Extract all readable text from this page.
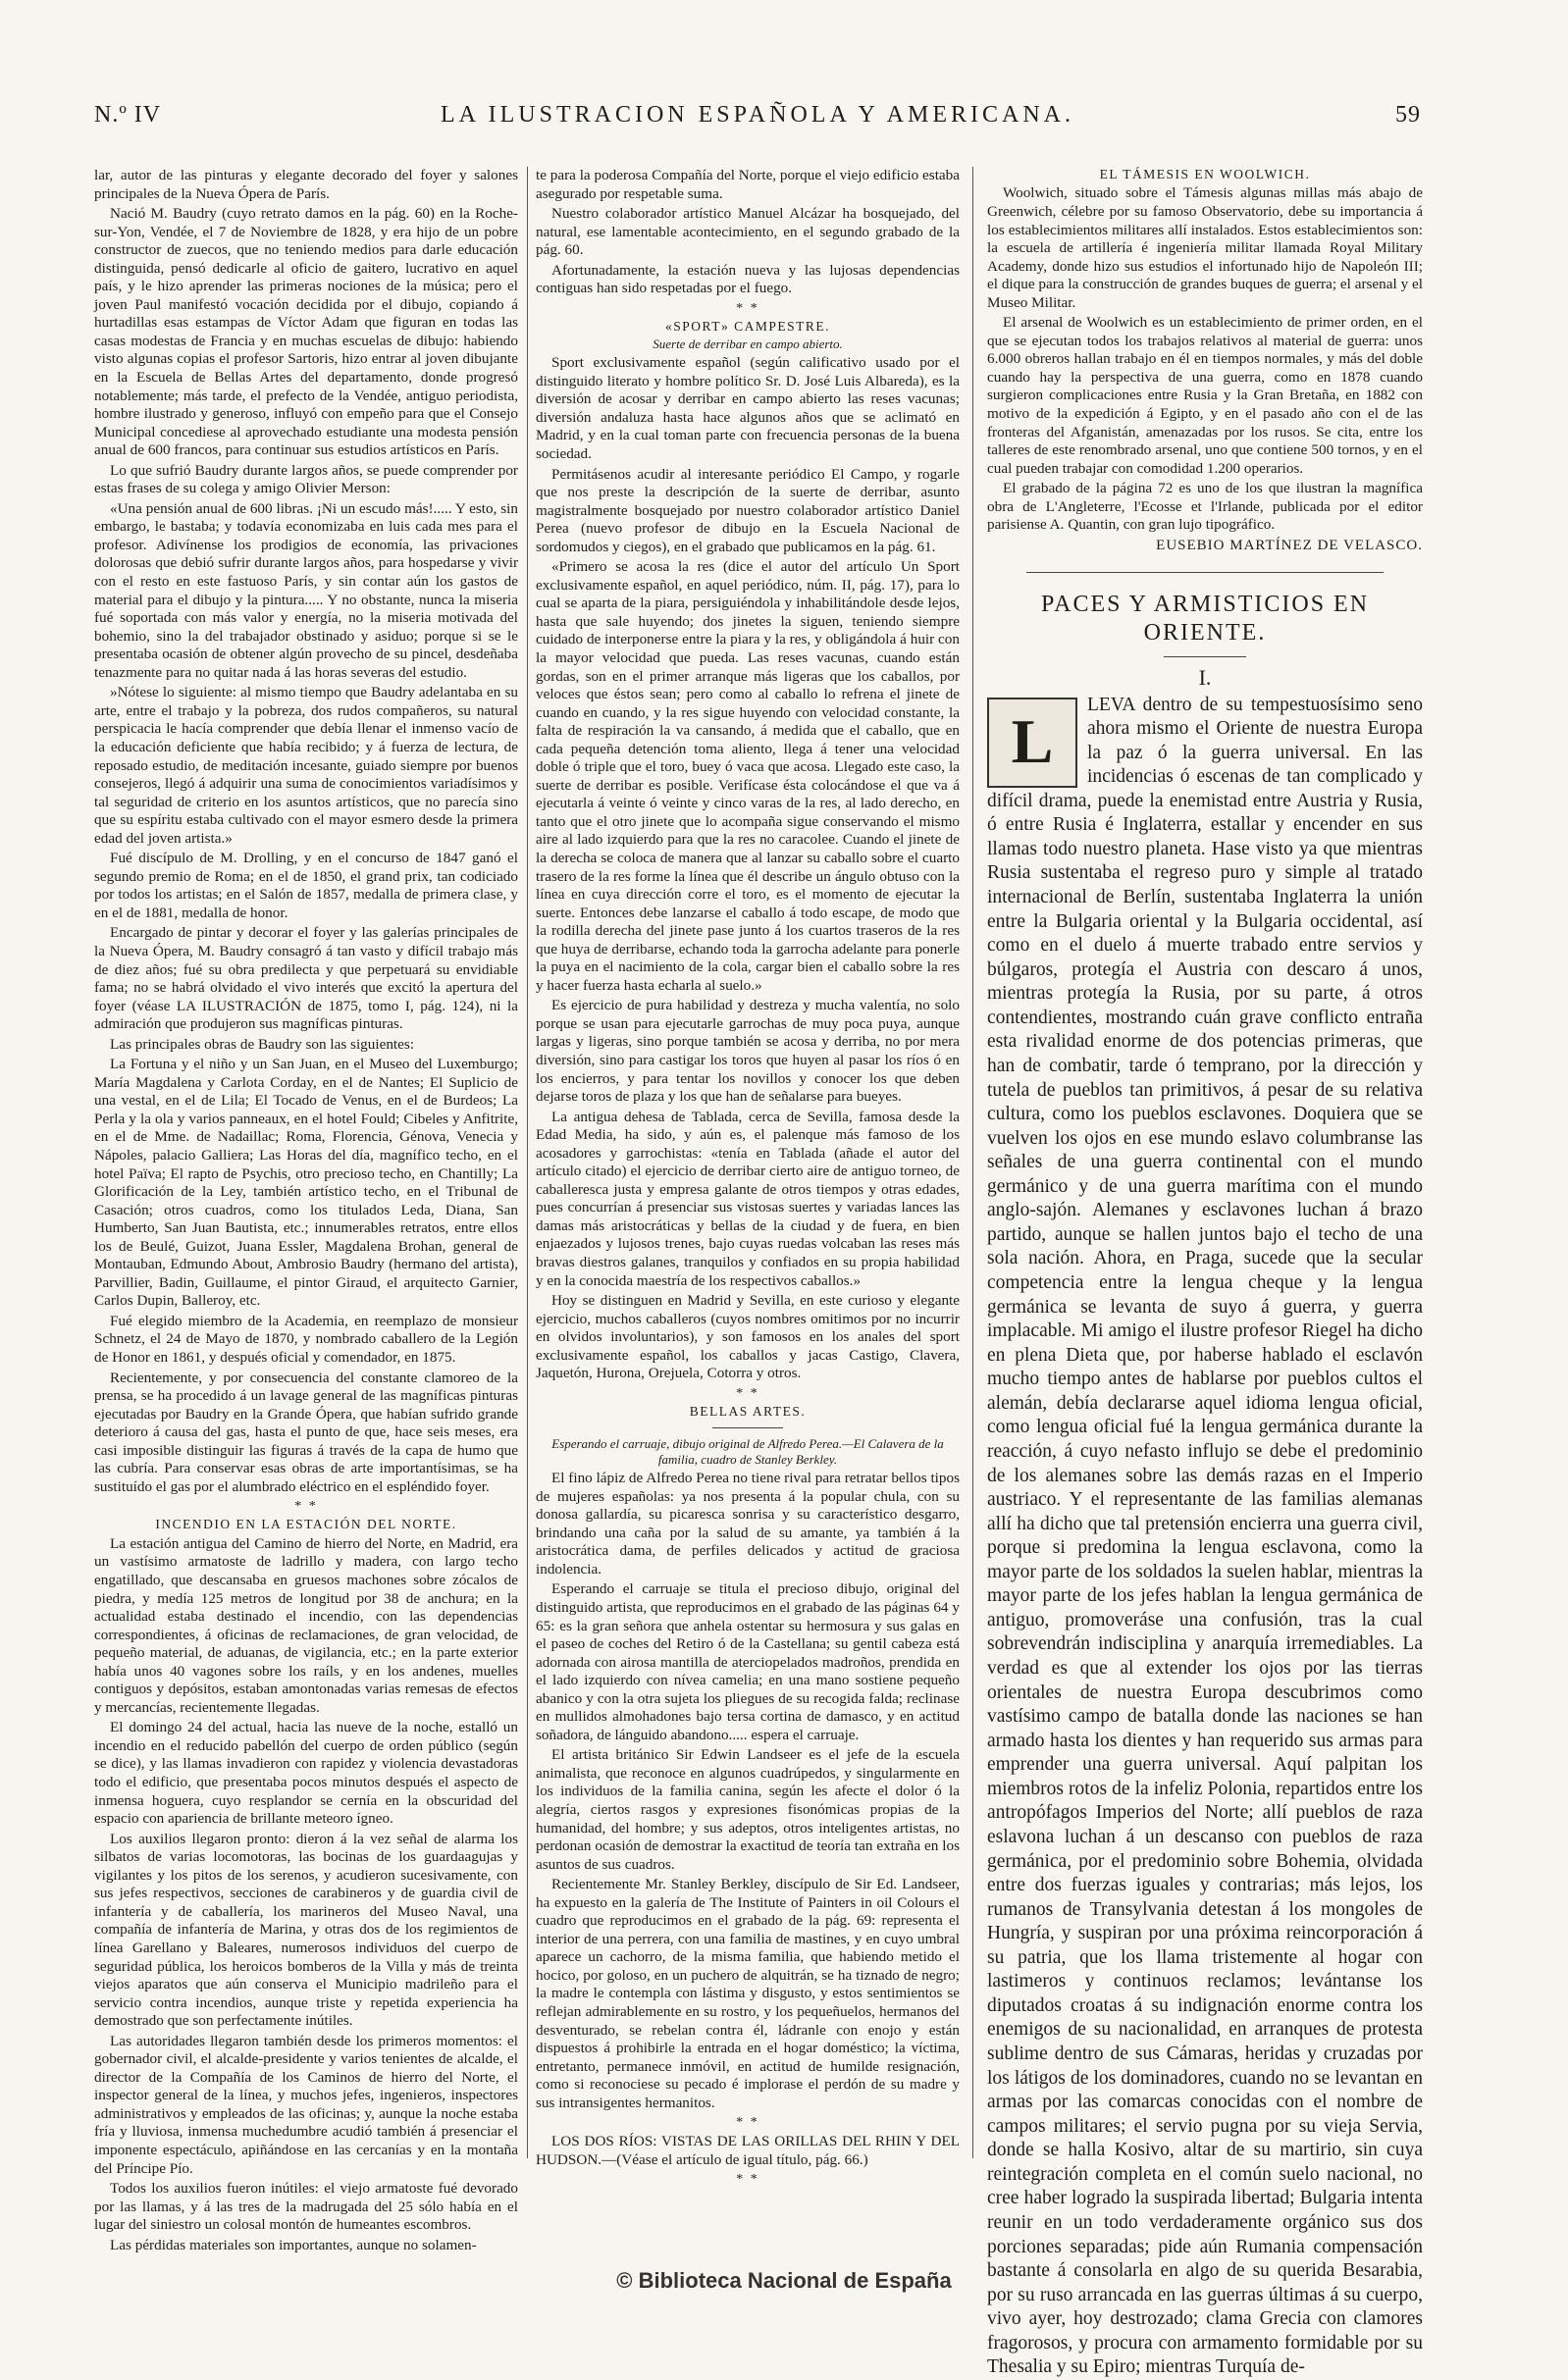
N.º IV	LA ILUSTRACION ESPAÑOLA Y AMERICANA.	59

lar, autor de las pinturas y elegante decorado del foyer y salones principales de la Nueva Ópera de París.

Nació M. Baudry (cuyo retrato damos en la pág. 60) en la Roche-sur-Yon, Vendée, el 7 de Noviembre de 1828, y era hijo de un pobre constructor de zuecos, que no teniendo medios para darle educación distinguida, pensó dedicarle al oficio de gaitero, lucrativo en aquel país, y le hizo aprender las primeras nociones de la música; pero el joven Paul manifestó vocación decidida por el dibujo, copiando á hurtadillas esas estampas de Víctor Adam que figuran en todas las casas modestas de Francia y en muchas escuelas de dibujo: habiendo visto algunas copias el profesor Sartoris, hizo entrar al joven dibujante en la Escuela de Bellas Artes del departamento, donde progresó notablemente; más tarde, el prefecto de la Vendée, antiguo periodista, hombre ilustrado y generoso, influyó con empeño para que el Consejo Municipal concediese al aprovechado estudiante una modesta pensión anual de 600 francos, para continuar sus estudios artísticos en París.

Lo que sufrió Baudry durante largos años, se puede comprender por estas frases de su colega y amigo Olivier Merson:

«Una pensión anual de 600 libras. ¡Ni un escudo más!..... Y esto, sin embargo, le bastaba; y todavía economizaba en luis cada mes para el profesor. Adivínense los prodigios de economía, las privaciones dolorosas que debió sufrir durante largos años, para hospedarse y vivir con el resto en este fastuoso París, y sin contar aún los gastos de material para el dibujo y la pintura..... Y no obstante, nunca la miseria fué soportada con más valor y energía, no la miseria motivada del bohemio, sino la del trabajador obstinado y asiduo; porque si se le presentaba ocasión de obtener algún provecho de su pincel, desdeñaba tenazmente para no quitar nada á las horas severas del estudio.

»Nótese lo siguiente: al mismo tiempo que Baudry adelantaba en su arte, entre el trabajo y la pobreza, dos rudos compañeros, su natural perspicacia le hacía comprender que debía llenar el inmenso vacío de la educación deficiente que había recibido; y á fuerza de lectura, de reposado estudio, de meditación incesante, guiado siempre por buenos consejeros, llegó á adquirir una suma de conocimientos variadísimos y tal seguridad de criterio en los asuntos artísticos, que no parecía sino que su espíritu estaba cultivado con el mayor esmero desde la primera edad del joven artista.»

Fué discípulo de M. Drolling, y en el concurso de 1847 ganó el segundo premio de Roma; en el de 1850, el grand prix, tan codiciado por todos los artistas; en el Salón de 1857, medalla de primera clase, y en el de 1881, medalla de honor.

Encargado de pintar y decorar el foyer y las galerías principales de la Nueva Ópera, M. Baudry consagró á tan vasto y difícil trabajo más de diez años; fué su obra predilecta y que perpetuará su envidiable fama; no se habrá olvidado el vivo interés que excitó la apertura del foyer (véase LA ILUSTRACIÓN de 1875, tomo I, pág. 124), ni la admiración que produjeron sus magníficas pinturas.

Las principales obras de Baudry son las siguientes:

La Fortuna y el niño y un San Juan, en el Museo del Luxemburgo; María Magdalena y Carlota Corday, en el de Nantes; El Suplicio de una vestal, en el de Lila; El Tocado de Venus, en el de Burdeos; La Perla y la ola y varios panneaux, en el hotel Fould; Cibeles y Anfitrite, en el de Mme. de Nadaillac; Roma, Florencia, Génova, Venecia y Nápoles, palacio Galliera; Las Horas del día, magnífico techo, en el hotel Païva; El rapto de Psychis, otro precioso techo, en Chantilly; La Glorificación de la Ley, también artístico techo, en el Tribunal de Casación; otros cuadros, como los titulados Leda, Diana, San Humberto, San Juan Bautista, etc.; innumerables retratos, entre ellos los de Beulé, Guizot, Juana Essler, Magdalena Brohan, general de Montauban, Edmundo About, Ambrosio Baudry (hermano del artista), Parvillier, Badin, Guillaume, el pintor Giraud, el arquitecto Garnier, Carlos Dupin, Balleroy, etc.

Fué elegido miembro de la Academia, en reemplazo de monsieur Schnetz, el 24 de Mayo de 1870, y nombrado caballero de la Legión de Honor en 1861, y después oficial y comendador, en 1875.

Recientemente, y por consecuencia del constante clamoreo de la prensa, se ha procedido á un lavage general de las magníficas pinturas ejecutadas por Baudry en la Grande Ópera, que habían sufrido grande deterioro á causa del gas, hasta el punto de que, hace seis meses, era casi imposible distinguir las figuras á través de la capa de humo que las cubría. Para conservar esas obras de arte importantísimas, se ha sustituído el gas por el alumbrado eléctrico en el espléndido foyer.

* *

INCENDIO EN LA ESTACIÓN DEL NORTE.

La estación antigua del Camino de hierro del Norte, en Madrid, era un vastísimo armatoste de ladrillo y madera, con largo techo engatillado, que descansaba en gruesos machones sobre zócalos de piedra, y medía 125 metros de longitud por 38 de anchura; en la actualidad estaba destinado el incendio, con las dependencias correspondientes, á oficinas de reclamaciones, de gran velocidad, de pequeño material, de aduanas, de vigilancia, etc.; en la parte exterior había unos 40 vagones sobre los raíls, y en los andenes, muelles contiguos y depósitos, estaban amontonadas varias remesas de efectos y mercancías, recientemente llegadas.

El domingo 24 del actual, hacia las nueve de la noche, estalló un incendio en el reducido pabellón del cuerpo de orden público (según se dice), y las llamas invadieron con rapidez y violencia devastadoras todo el edificio, que presentaba pocos minutos después el aspecto de inmensa hoguera, cuyo resplandor se cernía en la obscuridad del espacio con apariencia de brillante meteoro ígneo.

Los auxilios llegaron pronto: dieron á la vez señal de alarma los silbatos de varias locomotoras, las bocinas de los guardaagujas y vigilantes y los pitos de los serenos, y acudieron sucesivamente, con sus jefes respectivos, secciones de carabineros y de guardia civil de infantería y de caballería, los marineros del Museo Naval, una compañía de infantería de Marina, y otras dos de los regimientos de línea Garellano y Baleares, numerosos individuos del cuerpo de seguridad pública, los heroicos bomberos de la Villa y más de treinta viejos aparatos que aún conserva el Municipio madrileño para el servicio contra incendios, aunque triste y repetida experiencia ha demostrado que son perfectamente inútiles.

Las autoridades llegaron también desde los primeros momentos: el gobernador civil, el alcalde-presidente y varios tenientes de alcalde, el director de la Compañía de los Caminos de hierro del Norte, el inspector general de la línea, y muchos jefes, ingenieros, inspectores administrativos y empleados de las oficinas; y, aunque la noche estaba fría y lluviosa, inmensa muchedumbre acudió también á presenciar el imponente espectáculo, apiñándose en las cercanías y en la montaña del Príncipe Pío.

Todos los auxilios fueron inútiles: el viejo armatoste fué devorado por las llamas, y á las tres de la madrugada del 25 sólo había en el lugar del siniestro un colosal montón de humeantes escombros.

Las pérdidas materiales son importantes, aunque no solamen-

te para la poderosa Compañía del Norte, porque el viejo edificio estaba asegurado por respetable suma.

Nuestro colaborador artístico Manuel Alcázar ha bosquejado, del natural, ese lamentable acontecimiento, en el segundo grabado de la pág. 60.

Afortunadamente, la estación nueva y las lujosas dependencias contiguas han sido respetadas por el fuego.

* *

«SPORT» CAMPESTRE.

Suerte de derribar en campo abierto.

Sport exclusivamente español (según calificativo usado por el distinguido literato y hombre político Sr. D. José Luis Albareda), es la diversión de acosar y derribar en campo abierto las reses vacunas; diversión andaluza hasta hace algunos años que se aclimató en Madrid, y en la cual toman parte con frecuencia personas de la buena sociedad.

Permitásenos acudir al interesante periódico El Campo, y rogarle que nos preste la descripción de la suerte de derribar, asunto magistralmente bosquejado por nuestro colaborador artístico Daniel Perea (nuevo profesor de dibujo en la Escuela Nacional de sordomudos y ciegos), en el grabado que publicamos en la pág. 61.

«Primero se acosa la res (dice el autor del artículo Un Sport exclusivamente español, en aquel periódico, núm. II, pág. 17), para lo cual se aparta de la piara, persiguiéndola y inhabilitándole desde lejos, hasta que sale huyendo; dos jinetes la siguen, teniendo siempre cuidado de interponerse entre la piara y la res, y obligándola á huir con la mayor velocidad que pueda. Las reses vacunas, cuando están gordas, son en el primer arranque más ligeras que los caballos, por veloces que éstos sean; pero como al caballo lo refrena el jinete de cuando en cuando, y la res sigue huyendo con velocidad constante, la falta de respiración la va cansando, á medida que el caballo, que en cada pequeña detención toma aliento, llega á tener una velocidad doble ó triple que el toro, buey ó vaca que acosa. Llegado este caso, la suerte de derribar es posible. Verifícase ésta colocándose el que va á ejecutarla á veinte ó veinte y cinco varas de la res, al lado derecho, en tanto que el otro jinete que lo acompaña sigue conservando el mismo aire al lado izquierdo para que la res no caracolee. Cuando el jinete de la derecha se coloca de manera que al lanzar su caballo sobre el cuarto trasero de la res forme la línea que él describe un ángulo obtuso con la línea en cuya dirección corre el toro, es el momento de ejecutar la suerte. Entonces debe lanzarse el caballo á todo escape, de modo que la rodilla derecha del jinete pase junto á los cuartos traseros de la res que huya de derribarse, echando toda la garrocha adelante para ponerle la puya en el nacimiento de la cola, cargar bien el caballo sobre la res y hacer fuerza hasta echarla al suelo.»

Es ejercicio de pura habilidad y destreza y mucha valentía, no solo porque se usan para ejecutarle garrochas de muy poca puya, aunque largas y ligeras, sino porque también se acosa y derriba, no por mera diversión, sino para castigar los toros que huyen al pasar los ríos ó en los encierros, y para tentar los novillos y conocer los que deben dejarse toros de plaza y los que han de señalarse para bueyes.

La antigua dehesa de Tablada, cerca de Sevilla, famosa desde la Edad Media, ha sido, y aún es, el palenque más famoso de los acosadores y garrochistas: «tenía en Tablada (añade el autor del artículo citado) el ejercicio de derribar cierto aire de antiguo torneo, de caballeresca justa y empresa galante de otros tiempos y otras edades, pues concurrían á presenciar sus vistosas suertes y variadas lances las damas más aristocráticas y bellas de la ciudad y de fuera, en bien enjaezados y lujosos trenes, bajo cuyas ruedas volcaban las reses más bravas diestros galanes, tranquilos y confiados en su propia habilidad y en la conocida maestría de los respectivos caballos.»

Hoy se distinguen en Madrid y Sevilla, en este curioso y elegante ejercicio, muchos caballeros (cuyos nombres omitimos por no incurrir en olvidos involuntarios), y son famosos en los anales del sport exclusivamente español, los caballos y jacas Castigo, Clavera, Jaquetón, Hurona, Orejuela, Cotorra y otros.

* *

BELLAS ARTES.

Esperando el carruaje, dibujo original de Alfredo Perea.—El Calavera de la familia, cuadro de Stanley Berkley.

El fino lápiz de Alfredo Perea no tiene rival para retratar bellos tipos de mujeres españolas: ya nos presenta á la popular chula, con su donosa gallardía, su picaresca sonrisa y su característico desgarro, brindando una caña por la salud de su amante, ya también á la aristocrática dama, de perfiles delicados y actitud de graciosa indolencia.

Esperando el carruaje se titula el precioso dibujo, original del distinguido artista, que reproducimos en el grabado de las páginas 64 y 65: es la gran señora que anhela ostentar su hermosura y sus galas en el paseo de coches del Retiro ó de la Castellana; su gentil cabeza está adornada con airosa mantilla de aterciopelados madroños, prendida en el lado izquierdo con nívea camelia; en una mano sostiene pequeño abanico y con la otra sujeta los pliegues de su recogida falda; reclinase en mullidos almohadones bajo tersa cortina de damasco, y en actitud soñadora, de lánguido abandono..... espera el carruaje.

El artista británico Sir Edwin Landseer es el jefe de la escuela animalista, que reconoce en algunos cuadrúpedos, y singularmente en los individuos de la familia canina, según les afecte el dolor ó la alegría, ciertos rasgos y expresiones fisonómicas propias de la humanidad, del hombre; y sus adeptos, otros inteligentes artistas, no perdonan ocasión de demostrar la exactitud de teoría tan extraña en los asuntos de sus cuadros.

Recientemente Mr. Stanley Berkley, discípulo de Sir Ed. Landseer, ha expuesto en la galería de The Institute of Painters in oil Colours el cuadro que reproducimos en el grabado de la pág. 69: representa el interior de una perrera, con una familia de mastines, y en cuyo umbral aparece un cachorro, de la misma familia, que habiendo metido el hocico, por goloso, en un puchero de alquitrán, se ha tiznado de negro; la madre le contempla con lástima y disgusto, y estos sentimientos se reflejan admirablemente en su rostro, y los pequeñuelos, hermanos del desventurado, se rebelan contra él, ládranle con enojo y están dispuestos á prohibirle la entrada en el hogar doméstico; la víctima, entretanto, permanece inmóvil, en actitud de humilde resignación, como si reconociese su pecado é implorase el perdón de su madre y sus intransigentes hermanitos.

* *

LOS DOS RÍOS: VISTAS DE LAS ORILLAS DEL RHIN Y DEL HUDSON.—(Véase el artículo de igual título, pág. 66.)

* *

EL TÁMESIS EN WOOLWICH.

Woolwich, situado sobre el Támesis algunas millas más abajo de Greenwich, célebre por su famoso Observatorio, debe su importancia á los establecimientos militares allí instalados. Estos establecimientos son: la escuela de artillería é ingeniería militar llamada Royal Military Academy, donde hizo sus estudios el infortunado hijo de Napoleón III; el dique para la construcción de grandes buques de guerra; el arsenal y el Museo Militar.

El arsenal de Woolwich es un establecimiento de primer orden, en el que se ejecutan todos los trabajos relativos al material de guerra: unos 6.000 obreros hallan trabajo en él en tiempos normales, y más del doble cuando hay la perspectiva de una guerra, como en 1878 cuando surgieron complicaciones entre Rusia y la Gran Bretaña, en 1882 con motivo de la expedición á Egipto, y en el pasado año con el de las fronteras del Afganistán, amenazadas por los rusos. Se cita, entre los talleres de este renombrado arsenal, uno que contiene 500 tornos, y en el cual pueden trabajar con comodidad 1.200 operarios.

El grabado de la página 72 es uno de los que ilustran la magnífica obra de L'Angleterre, l'Ecosse et l'Irlande, publicada por el editor parisiense A. Quantin, con gran lujo tipográfico.

EUSEBIO MARTÍNEZ DE VELASCO.

PACES Y ARMISTICIOS EN ORIENTE.

I.

L
LEVA dentro de su tempestuosísimo seno ahora mismo el Oriente de nuestra Europa la paz ó la guerra universal. En las incidencias ó escenas de tan complicado y difícil drama, puede la enemistad entre Austria y Rusia, ó entre Rusia é Inglaterra, estallar y encender en sus llamas todo nuestro planeta. Hase visto ya que mientras Rusia sustentaba el regreso puro y simple al tratado internacional de Berlín, sustentaba Inglaterra la unión entre la Bulgaria oriental y la Bulgaria occidental, así como en el duelo á muerte trabado entre servios y búlgaros, protegía el Austria con descaro á unos, mientras protegía la Rusia, por su parte, á otros contendientes, mostrando cuán grave conflicto entraña esta rivalidad enorme de dos potencias primeras, que han de combatir, tarde ó temprano, por la dirección y tutela de pueblos tan primitivos, á pesar de su relativa cultura, como los pueblos esclavones. Doquiera que se vuelven los ojos en ese mundo eslavo columbranse las señales de una guerra continental con el mundo germánico y de una guerra marítima con el mundo anglo-sajón. Alemanes y esclavones luchan á brazo partido, aunque se hallen juntos bajo el techo de una sola nación. Ahora, en Praga, sucede que la secular competencia entre la lengua cheque y la lengua germánica se levanta de suyo á guerra, y guerra implacable. Mi amigo el ilustre profesor Riegel ha dicho en plena Dieta que, por haberse hablado el esclavón mucho tiempo antes de hablarse por pueblos cultos el alemán, debía declararse aquel idioma lengua oficial, como lengua oficial fué la lengua germánica durante la reacción, á cuyo nefasto influjo se debe el predominio de los alemanes sobre las demás razas en el Imperio austriaco. Y el representante de las familias alemanas allí ha dicho que tal pretensión encierra una guerra civil, porque si predomina la lengua esclavona, como la mayor parte de los soldados la suelen hablar, mientras la mayor parte de los jefes hablan la lengua germánica de antiguo, promoveráse una confusión, tras la cual sobrevendrán indisciplina y anarquía irremediables. La verdad es que al extender los ojos por las tierras orientales de nuestra Europa descubrimos como vastísimo campo de batalla donde las naciones se han armado hasta los dientes y han requerido sus armas para emprender una guerra universal. Aquí palpitan los miembros rotos de la infeliz Polonia, repartidos entre los antropófagos Imperios del Norte; allí pueblos de raza eslavona luchan á un descanso con pueblos de raza germánica, por el predominio sobre Bohemia, olvidada entre dos fuerzas iguales y contrarias; más lejos, los rumanos de Transylvania detestan á los mongoles de Hungría, y suspiran por una próxima reincorporación á su patria, que los llama tristemente al hogar con lastimeros y continuos reclamos; levántanse los diputados croatas á su indignación enorme contra los enemigos de su nacionalidad, en arranques de protesta sublime dentro de sus Cámaras, heridas y cruzadas por los látigos de los dominadores, cuando no se levantan en armas por las comarcas conocidas con el nombre de campos militares; el servio pugna por su vieja Servia, donde se halla Kosivo, altar de su martirio, sin cuya reintegración completa en el común suelo nacional, no cree haber logrado la suspirada libertad; Bulgaria intenta reunir en un todo verdaderamente orgánico sus dos porciones separadas; pide aún Rumania compensación bastante á consolarla en algo de su querida Besarabia, por su ruso arrancada en las guerras últimas á su cuerpo, vivo ayer, hoy destrozado; clama Grecia con clamores fragorosos, y procura con armamento formidable por su Thesalia y su Epiro; mientras Turquía de-
© Biblioteca Nacional de España
